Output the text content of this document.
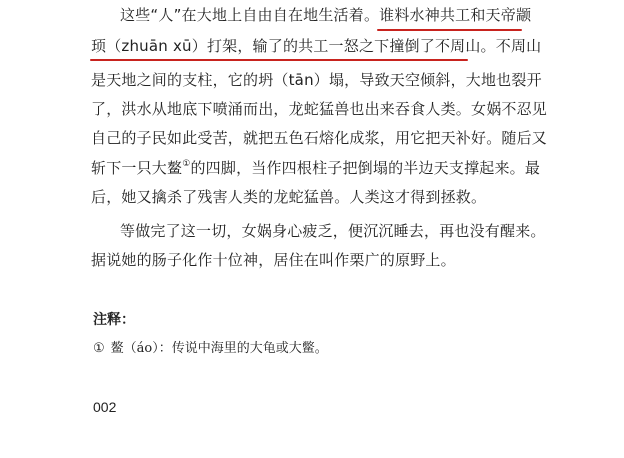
这些“人”在大地上自由自在地生活着。谁料水神共工和天帝颛
顼（zhuān xū）打架，输了的共工一怒之下撞倒了不周山。不周山
是天地之间的支柱，它的坍（tān）塌，导致天空倾斜，大地也裂开
了，洪水从地底下喷涌而出，龙蛇猛兽也出来吞食人类。女娲不忍见
自己的子民如此受苦，就把五色石熔化成浆，用它把天补好。随后又
斩下一只大鳌①的四脚，当作四根柱子把倒塌的半边天支撑起来。最
后，她又擒杀了残害人类的龙蛇猛兽。人类这才得到拯救。
等做完了这一切，女娲身心疲乏，便沉沉睡去，再也没有醒来。
据说她的肠子化作十位神，居住在叫作栗广的原野上。
注释：
① 鳌（áo）：传说中海里的大龟或大鳖。
002
